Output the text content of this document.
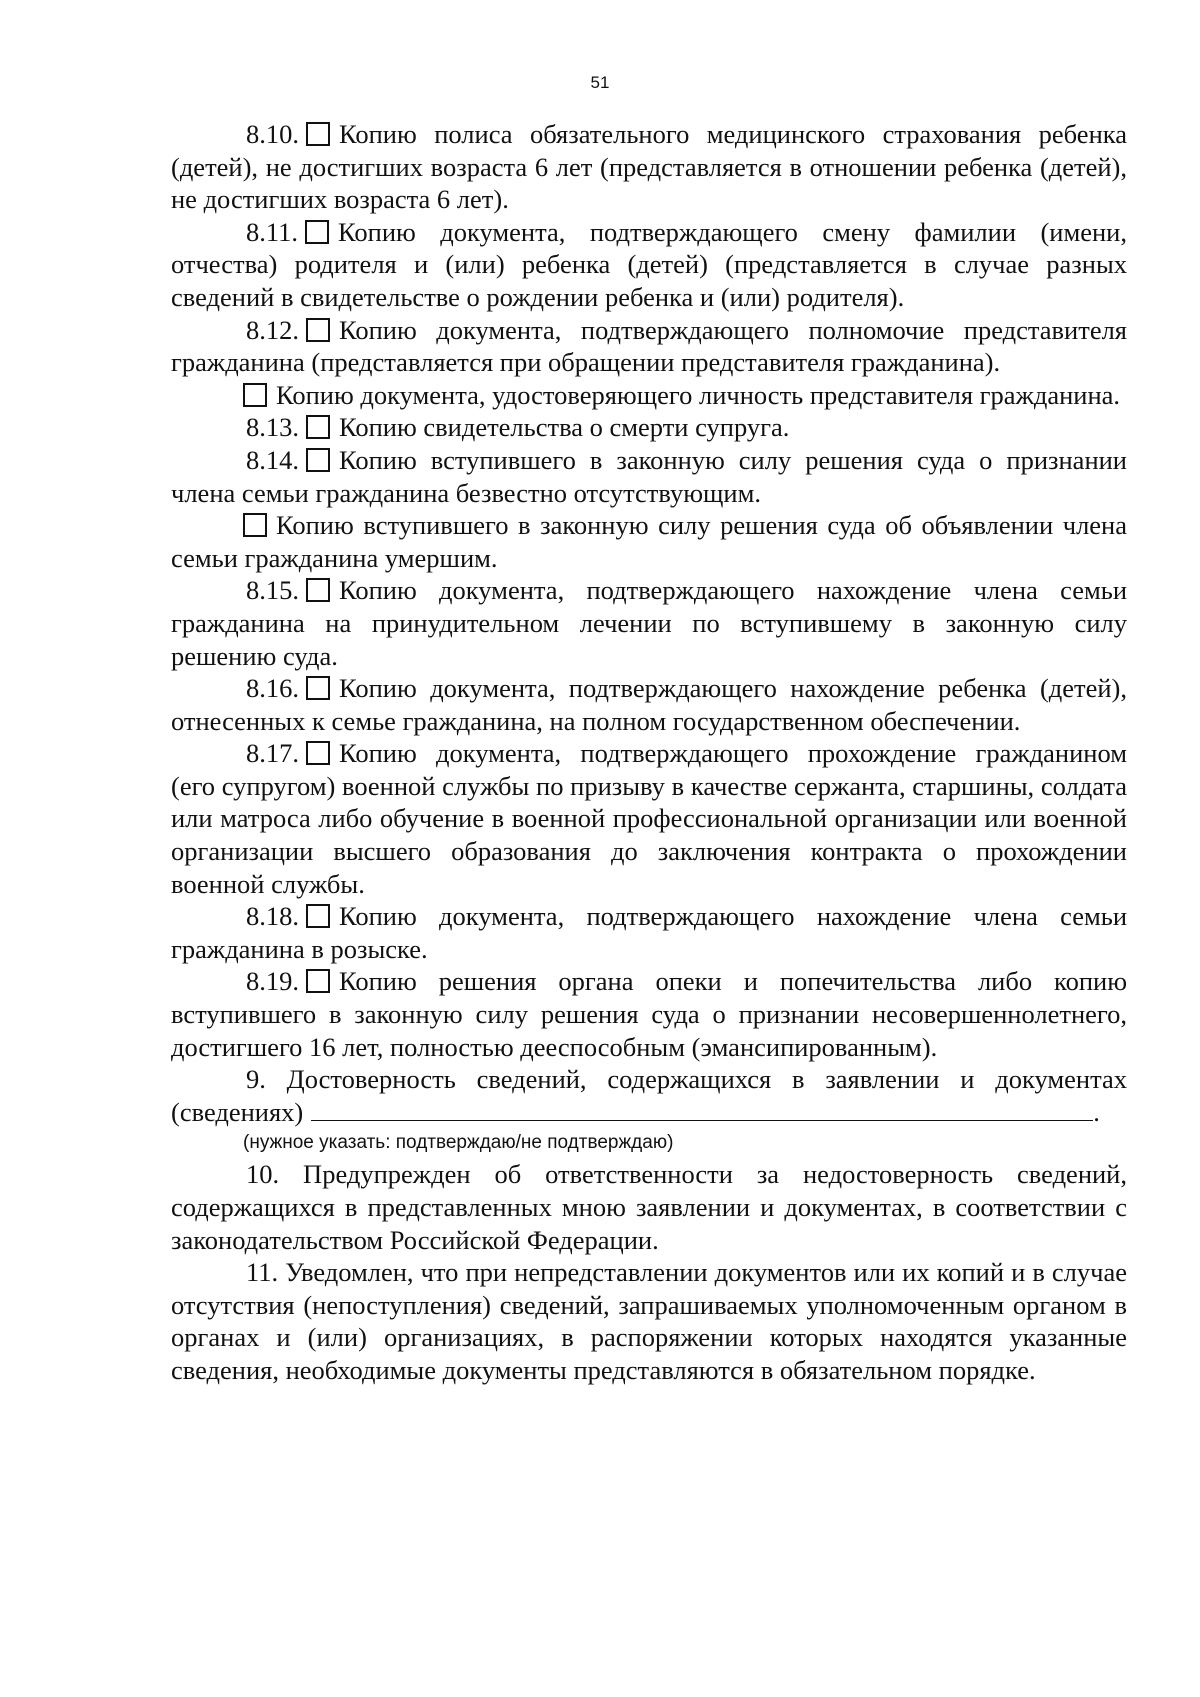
51

8.10. Копию полиса обязательного медицинского страхования ребенка (детей), не достигших возраста 6 лет (представляется в отношении ребенка (детей), не достигших возраста 6 лет).

8.11. Копию документа, подтверждающего смену фамилии (имени, отчества) родителя и (или) ребенка (детей) (представляется в случае разных сведений в свидетельстве о рождении ребенка и (или) родителя).

8.12. Копию документа, подтверждающего полномочие представителя гражданина (представляется при обращении представителя гражданина).

Копию документа, удостоверяющего личность представителя гражданина.

8.13. Копию свидетельства о смерти супруга.

8.14. Копию вступившего в законную силу решения суда о признании члена семьи гражданина безвестно отсутствующим.

Копию вступившего в законную силу решения суда об объявлении члена семьи гражданина умершим.

8.15. Копию документа, подтверждающего нахождение члена семьи гражданина на принудительном лечении по вступившему в законную силу решению суда.

8.16. Копию документа, подтверждающего нахождение ребенка (детей), отнесенных к семье гражданина, на полном государственном обеспечении.

8.17. Копию документа, подтверждающего прохождение гражданином (его супругом) военной службы по призыву в качестве сержанта, старшины, солдата или матроса либо обучение в военной профессиональной организации или военной организации высшего образования до заключения контракта о прохождении военной службы.

8.18. Копию документа, подтверждающего нахождение члена семьи гражданина в розыске.

8.19. Копию решения органа опеки и попечительства либо копию вступившего в законную силу решения суда о признании несовершеннолетнего, достигшего 16 лет, полностью дееспособным (эмансипированным).

9. Достоверность сведений, содержащихся в заявлении и документах (сведениях)	.

(нужное указать: подтверждаю/не подтверждаю)

10. Предупрежден об ответственности за недостоверность сведений, содержащихся в представленных мною заявлении и документах, в соответствии с законодательством Российской Федерации.

11. Уведомлен, что при непредставлении документов или их копий и в случае отсутствия (непоступления) сведений, запрашиваемых уполномоченным органом в органах и (или) организациях, в распоряжении которых находятся указанные сведения, необходимые документы представляются в обязательном порядке.
